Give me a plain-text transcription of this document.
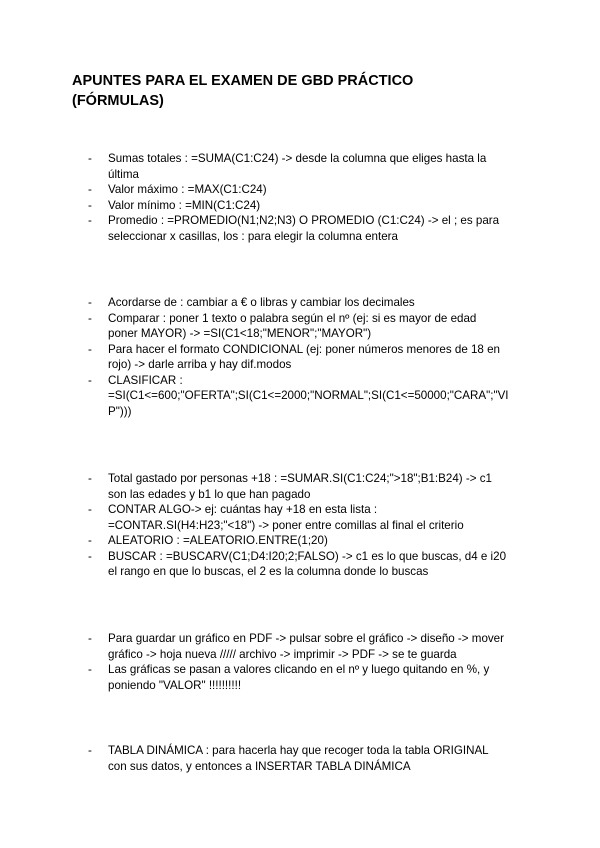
APUNTES PARA EL EXAMEN DE GBD PRÁCTICO
(FÓRMULAS)
- Sumas totales : =SUMA(C1:C24) -> desde la columna que eliges hasta la
última
- Valor máximo : =MAX(C1:C24)
- Valor mínimo : =MIN(C1:C24)
- Promedio : =PROMEDIO(N1;N2;N3) O PROMEDIO (C1:C24) -> el ; es para
seleccionar x casillas, los : para elegir la columna entera
- Acordarse de : cambiar a € o libras y cambiar los decimales
- Comparar : poner 1 texto o palabra según el nº (ej: si es mayor de edad
poner MAYOR) -> =SI(C1<18;"MENOR";"MAYOR")
- Para hacer el formato CONDICIONAL (ej: poner números menores de 18 en
rojo) -> darle arriba y hay dif.modos
- CLASIFICAR :
=SI(C1<=600;"OFERTA";SI(C1<=2000;"NORMAL";SI(C1<=50000;"CARA";"VI
P")))
- Total gastado por personas +18 : =SUMAR.SI(C1:C24;">18";B1:B24) -> c1
son las edades y b1 lo que han pagado
- CONTAR ALGO-> ej: cuántas hay +18 en esta lista :
=CONTAR.SI(H4:H23;"<18") -> poner entre comillas al final el criterio
- ALEATORIO : =ALEATORIO.ENTRE(1;20)
- BUSCAR : =BUSCARV(C1;D4:I20;2;FALSO) -> c1 es lo que buscas, d4 e i20
el rango en que lo buscas, el 2 es la columna donde lo buscas
- Para guardar un gráfico en PDF -> pulsar sobre el gráfico -> diseño -> mover
gráfico -> hoja nueva ///// archivo -> imprimir -> PDF -> se te guarda
- Las gráficas se pasan a valores clicando en el nº y luego quitando en %, y
poniendo "VALOR" !!!!!!!!!!
- TABLA DINÁMICA : para hacerla hay que recoger toda la tabla ORIGINAL
con sus datos, y entonces a INSERTAR TABLA DINÁMICA
